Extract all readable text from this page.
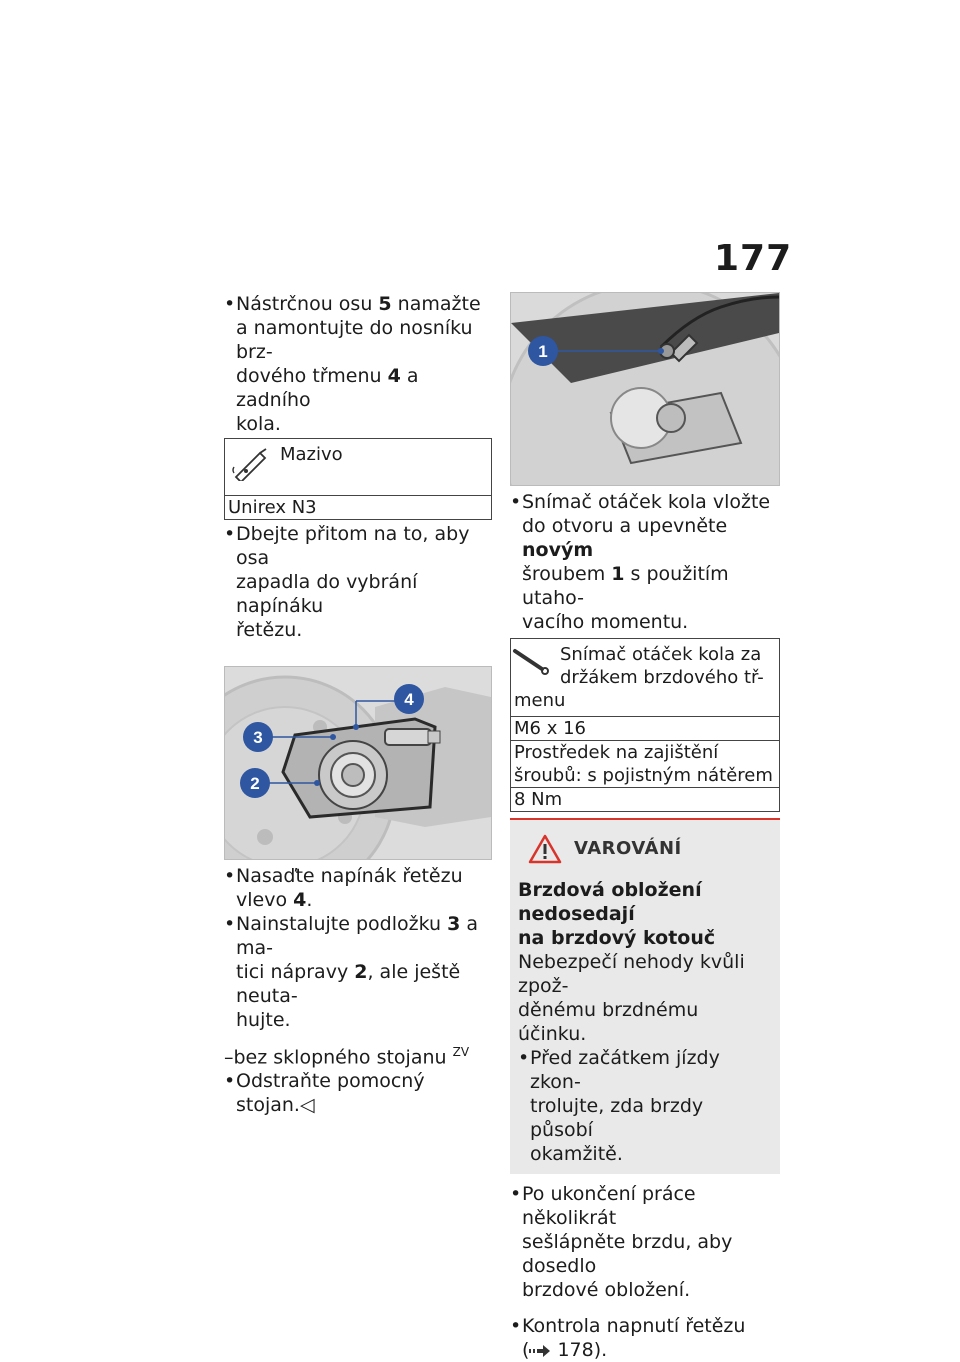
177
• Nástrčnou osu 5 namažte
a namontujte do nosníku brz-
dového třmenu 4 a zadního
kola.
Mazivo

Unirex N3
• Dbejte přitom na to, aby osa
zapadla do vybrání napínáku
řetězu.
4
3
2
• Nasaďte napínák řetězu
vlevo 4.
• Nainstalujte podložku 3 a ma-
tici nápravy 2, ale ještě neuta-
hujte.
–bez sklopného stojanu $^{ZV}$
• Odstraňte pomocný stojan.◁
1
• Snímač otáček kola vložte
do otvoru a upevněte novým
šroubem 1 s použitím utaho-
vacího momentu.
Snímač otáček kola za
držákem brzdového tř-
menu

M6 x 16

Prostředek na zajištění
šroubů: s pojistným nátěrem

8 Nm
VAROVÁNÍ
Brzdová obložení nedosedají
na brzdový kotouč
Nebezpečí nehody kvůli zpož-
děnému brzdnému účinku.
• Před začátkem jízdy zkon-
trolujte, zda brzdy působí
okamžitě.
• Po ukončení práce několikrát
sešlápněte brzdu, aby dosedlo
brzdové obložení.
• Kontrola napnutí řetězu
( 178).
